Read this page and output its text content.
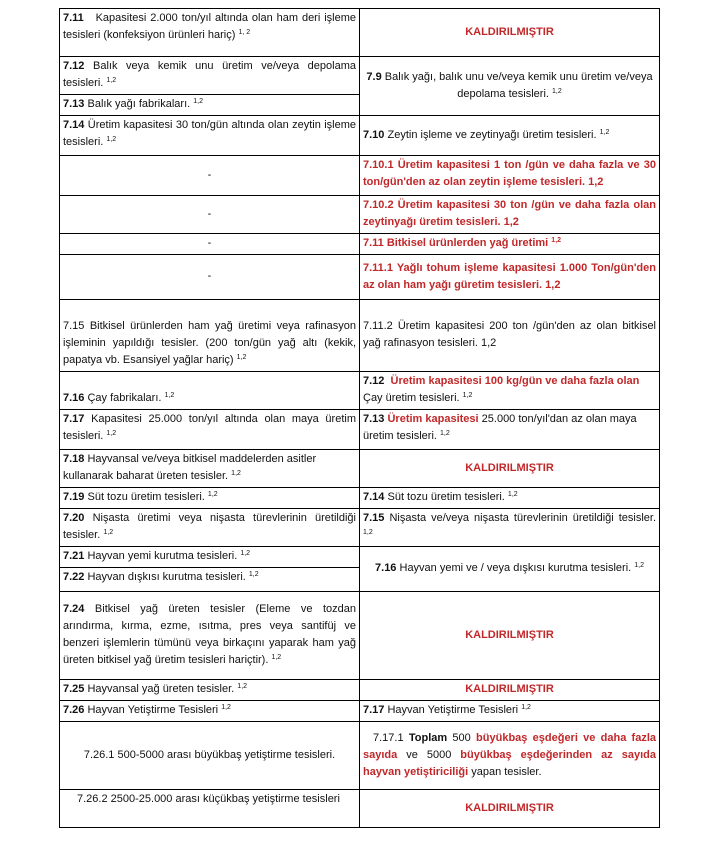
7.11 Kapasitesi 2.000 ton/yıl altında olan ham deri işleme tesisleri (konfeksiyon ürünleri hariç) $^{1, 2}$	KALDIRILMIŞTIR
7.12 Balık veya kemik unu üretim ve/veya depolama tesisleri. $^{1,2}$	7.9 Balık yağı, balık unu ve/veya kemik unu üretim ve/veya depolama tesisleri. $^{1,2}$
7.13 Balık yağı fabrikaları. $^{1,2}$
7.14 Üretim kapasitesi 30 ton/gün altında olan zeytin işleme tesisleri. $^{1,2}$	7.10 Zeytin işleme ve zeytinyağı üretim tesisleri. $^{1,2}$
-	7.10.1 Üretim kapasitesi 1 ton /gün ve daha fazla ve 30 ton/gün'den az olan zeytin işleme tesisleri. 1,2
-	7.10.2 Üretim kapasitesi 30 ton /gün ve daha fazla olan zeytinyağı üretim tesisleri. 1,2
-	7.11 Bitkisel ürünlerden yağ üretimi $^{1,2}$
-	7.11.1 Yağlı tohum işleme kapasitesi 1.000 Ton/gün'den az olan ham yağı güretim tesisleri. 1,2
7.15 Bitkisel ürünlerden ham yağ üretimi veya rafinasyon işleminin yapıldığı tesisler. (200 ton/gün yağ altı (kekik, papatya vb. Esansiyel yağlar hariç) $^{1,2}$	7.11.2 Üretim kapasitesi 200 ton /gün'den az olan bitkisel yağ rafinasyon tesisleri. 1,2
7.16 Çay fabrikaları. $^{1,2}$	7.12 Üretim kapasitesi 100 kg/gün ve daha fazla olan Çay üretim tesisleri. $^{1,2}$
7.17 Kapasitesi 25.000 ton/yıl altında olan maya üretim tesisleri. $^{1,2}$	7.13 Üretim kapasitesi 25.000 ton/yıl'dan az olan maya üretim tesisleri. $^{1,2}$
7.18 Hayvansal ve/veya bitkisel maddelerden asitler kullanarak baharat üreten tesisler. $^{1,2}$	KALDIRILMIŞTIR
7.19 Süt tozu üretim tesisleri. $^{1,2}$	7.14 Süt tozu üretim tesisleri. $^{1,2}$
7.20 Nişasta üretimi veya nişasta türevlerinin üretildiği tesisler. $^{1,2}$	7.15 Nişasta ve/veya nişasta türevlerinin üretildiği tesisler. $^{1,2}$
7.21 Hayvan yemi kurutma tesisleri. $^{1,2}$	7.16 Hayvan yemi ve / veya dışkısı kurutma tesisleri. $^{1,2}$
7.22 Hayvan dışkısı kurutma tesisleri. $^{1,2}$
7.24 Bitkisel yağ üreten tesisler (Eleme ve tozdan arındırma, kırma, ezme, ısıtma, pres veya santifüj ve benzeri işlemlerin tümünü veya birkaçını yaparak ham yağ üreten bitkisel yağ üretim tesisleri hariçtir). $^{1,2}$	KALDIRILMIŞTIR
7.25 Hayvansal yağ üreten tesisler. $^{1,2}$	KALDIRILMIŞTIR
7.26 Hayvan Yetiştirme Tesisleri $^{1,2}$	7.17 Hayvan Yetiştirme Tesisleri $^{1,2}$
7.26.1 500-5000 arası büyükbaş yetiştirme tesisleri.	7.17.1 Toplam 500 büyükbaş eşdeğeri ve daha fazla sayıda ve 5000 büyükbaş eşdeğerinden az sayıda hayvan yetiştiriciliği yapan tesisler.
7.26.2 2500-25.000 arası küçükbaş yetiştirme tesisleri	KALDIRILMIŞTIR
